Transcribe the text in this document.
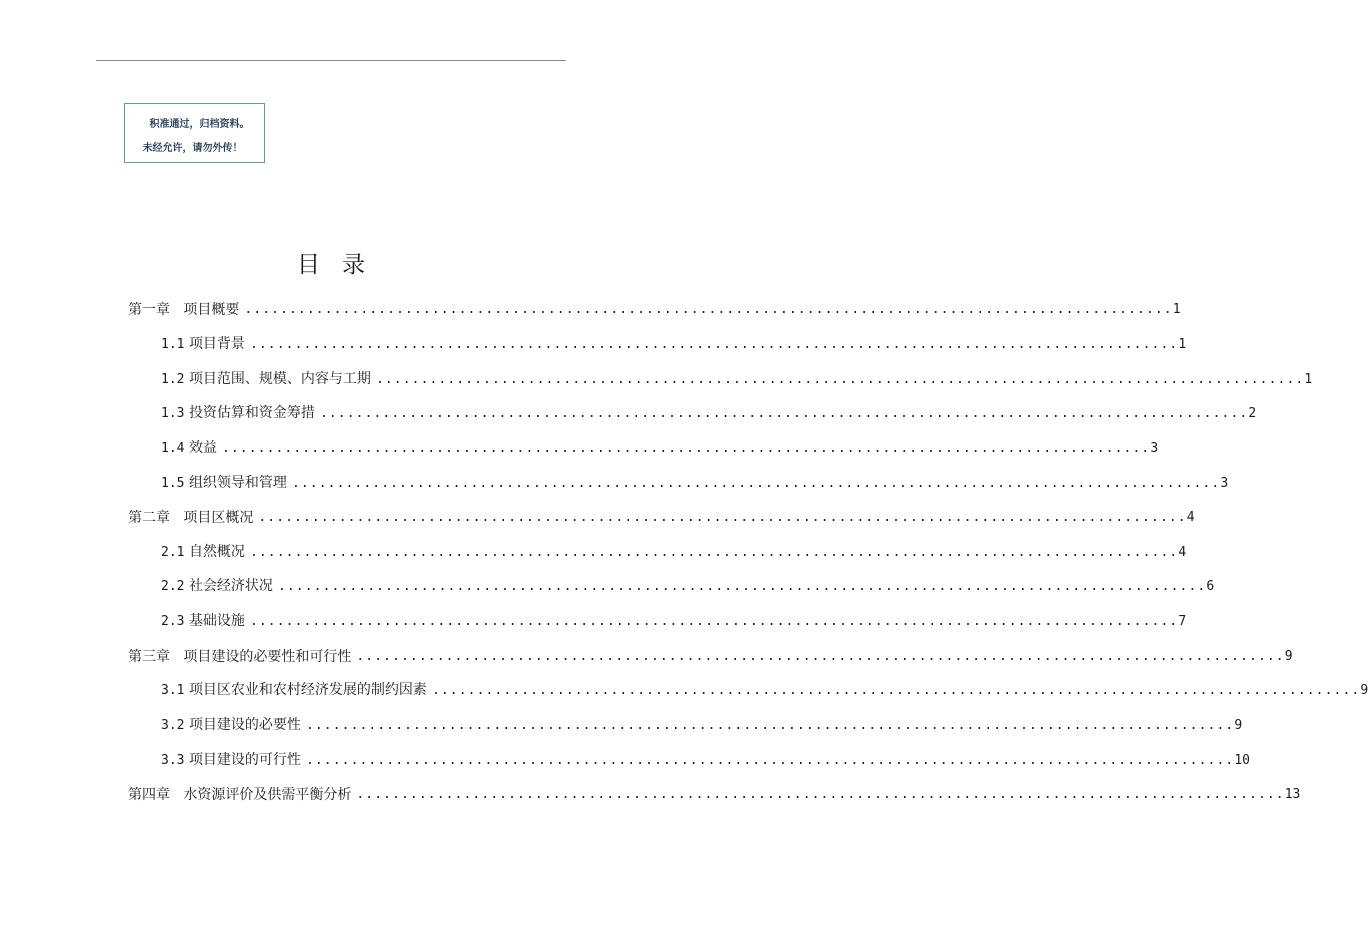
积准通过，归档资料。
未经允许，请勿外传！
目录
第一章 项目概要 ........................................................................................................ 1
1.1 项目背景 ........................................................................................................ 1
1.2 项目范围、规模、内容与工期 ........................................................................................................ 1
1.3 投资估算和资金筹措 ........................................................................................................ 2
1.4 效益 ........................................................................................................ 3
1.5 组织领导和管理 ........................................................................................................ 3
第二章 项目区概况 ........................................................................................................ 4
2.1 自然概况 ........................................................................................................ 4
2.2 社会经济状况 ........................................................................................................ 6
2.3 基础设施 ........................................................................................................ 7
第三章 项目建设的必要性和可行性 ........................................................................................................ 9
3.1 项目区农业和农村经济发展的制约因素 ........................................................................................................ 9
3.2 项目建设的必要性 ........................................................................................................ 9
3.3 项目建设的可行性 ........................................................................................................ 10
第四章 水资源评价及供需平衡分析 ........................................................................................................ 13
